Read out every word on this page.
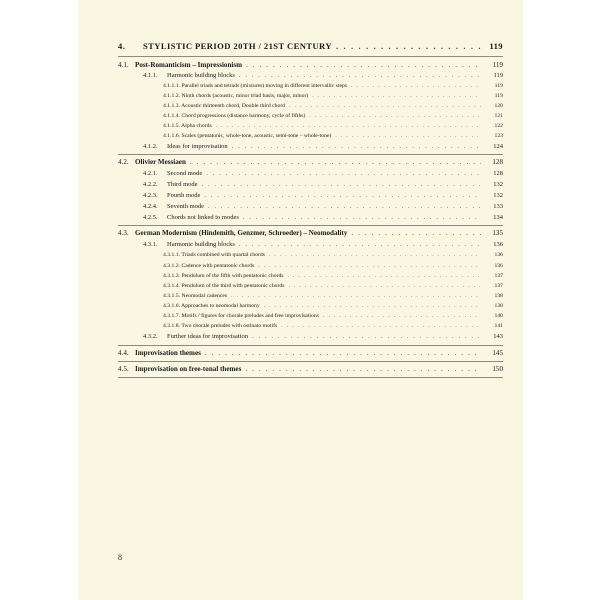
4.	STYLISTIC PERIOD 20TH / 21ST CENTURY . . .	119
4.1. Post-Romanticism – Impressionism . . .	119
4.1.1.	Harmonic building blocks . . .	119
4.1.1.1. Parallel triads and tetrads (mixtures) moving in different intervallic steps . . .	119
4.1.1.2. Ninth chords (acoustic, minor triad basis, major, minor) . . .	119
4.1.1.3. Acoustic thirteenth chord, Double third chord . . .	120
4.1.1.4. Chord progressions (distance harmony, cycle of fifths) . . .	121
4.1.1.5. Alpha chords . . .	122
4.1.1.6. Scales (pentatonic, whole-tone, acoustic, semi-tone – whole-tone) . . .	123
4.1.2.	Ideas for improvisation . . .	124
4.2. Olivier Messiaen . . .	128
4.2.1.	Second mode . . .	128
4.2.2.	Third mode . . .	132
4.2.3.	Fourth mode . . .	132
4.2.4.	Seventh mode . . .	133
4.2.5.	Chords not linked to modes . . .	134
4.3. German Modernism (Hindemith, Genzmer, Schroeder) – Neomodality . . .	135
4.3.1.	Harmonic building blocks . . .	136
4.3.1.1. Triads combined with quartal chords . . .	136
4.3.1.2. Cadence with pentatonic chords . . .	136
4.3.1.3. Pendulum of the fifth with pentatonic chords . . .	137
4.3.1.4. Pendulum of the third with pentatonic chords . . .	137
4.3.1.5. Neomodal cadences . . .	138
4.3.1.6. Approaches to neomodal harmony . . .	138
4.3.1.7. Motifs / figures for chorale preludes and free improvisations . . .	140
4.3.1.8. Two chorale preludes with ostinato motifs . . .	141
4.3.2.	Further ideas for improvisation . . .	143
4.4. Improvisation themes . . .	145
4.5. Improvisation on free-tonal themes . . .	150
8
